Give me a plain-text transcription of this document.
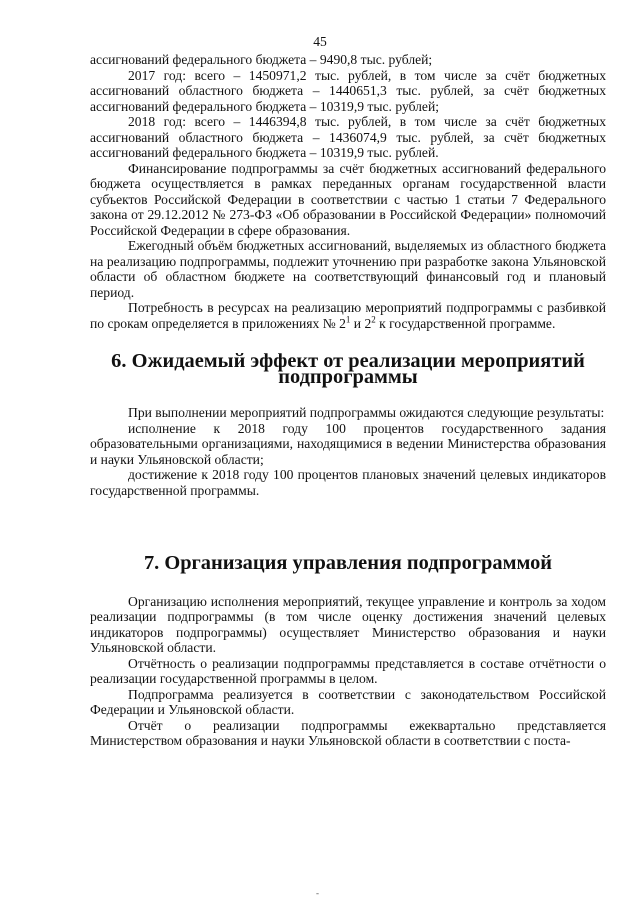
45

ассигнований федерального бюджета – 9490,8 тыс. рублей;

2017 год: всего – 1450971,2 тыс. рублей, в том числе за счёт бюджетных ассигнований областного бюджета – 1440651,3 тыс. рублей, за счёт бюджетных ассигнований федерального бюджета – 10319,9 тыс. рублей;

2018 год: всего – 1446394,8 тыс. рублей, в том числе за счёт бюджетных ассигнований областного бюджета – 1436074,9 тыс. рублей, за счёт бюджетных ассигнований федерального бюджета – 10319,9 тыс. рублей.

Финансирование подпрограммы за счёт бюджетных ассигнований федерального бюджета осуществляется в рамках переданных органам государственной власти субъектов Российской Федерации в соответствии с частью 1 статьи 7 Федерального закона от 29.12.2012 № 273-ФЗ «Об образовании в Российской Федерации» полномочий Российской Федерации в сфере образования.

Ежегодный объём бюджетных ассигнований, выделяемых из областного бюджета на реализацию подпрограммы, подлежит уточнению при разработке закона Ульяновской области об областном бюджете на соответствующий финансовый год и плановый период.

Потребность в ресурсах на реализацию мероприятий подпрограммы с разбивкой по срокам определяется в приложениях № $2^1$ и $2^2$ к государственной программе.

6. Ожидаемый эффект от реализации мероприятий подпрограммы

При выполнении мероприятий подпрограммы ожидаются следующие результаты:

исполнение к 2018 году 100 процентов государственного задания образовательными организациями, находящимися в ведении Министерства образования и науки Ульяновской области;

достижение к 2018 году 100 процентов плановых значений целевых индикаторов государственной программы.

7. Организация управления подпрограммой

Организацию исполнения мероприятий, текущее управление и контроль за ходом реализации подпрограммы (в том числе оценку достижения значений целевых индикаторов подпрограммы) осуществляет Министерство образования и науки Ульяновской области.

Отчётность о реализации подпрограммы представляется в составе отчётности о реализации государственной программы в целом.

Подпрограмма реализуется в соответствии с законодательством Российской Федерации и Ульяновской области.

Отчёт о реализации подпрограммы ежеквартально представляется Министерством образования и науки Ульяновской области в соответствии с поста-

-
